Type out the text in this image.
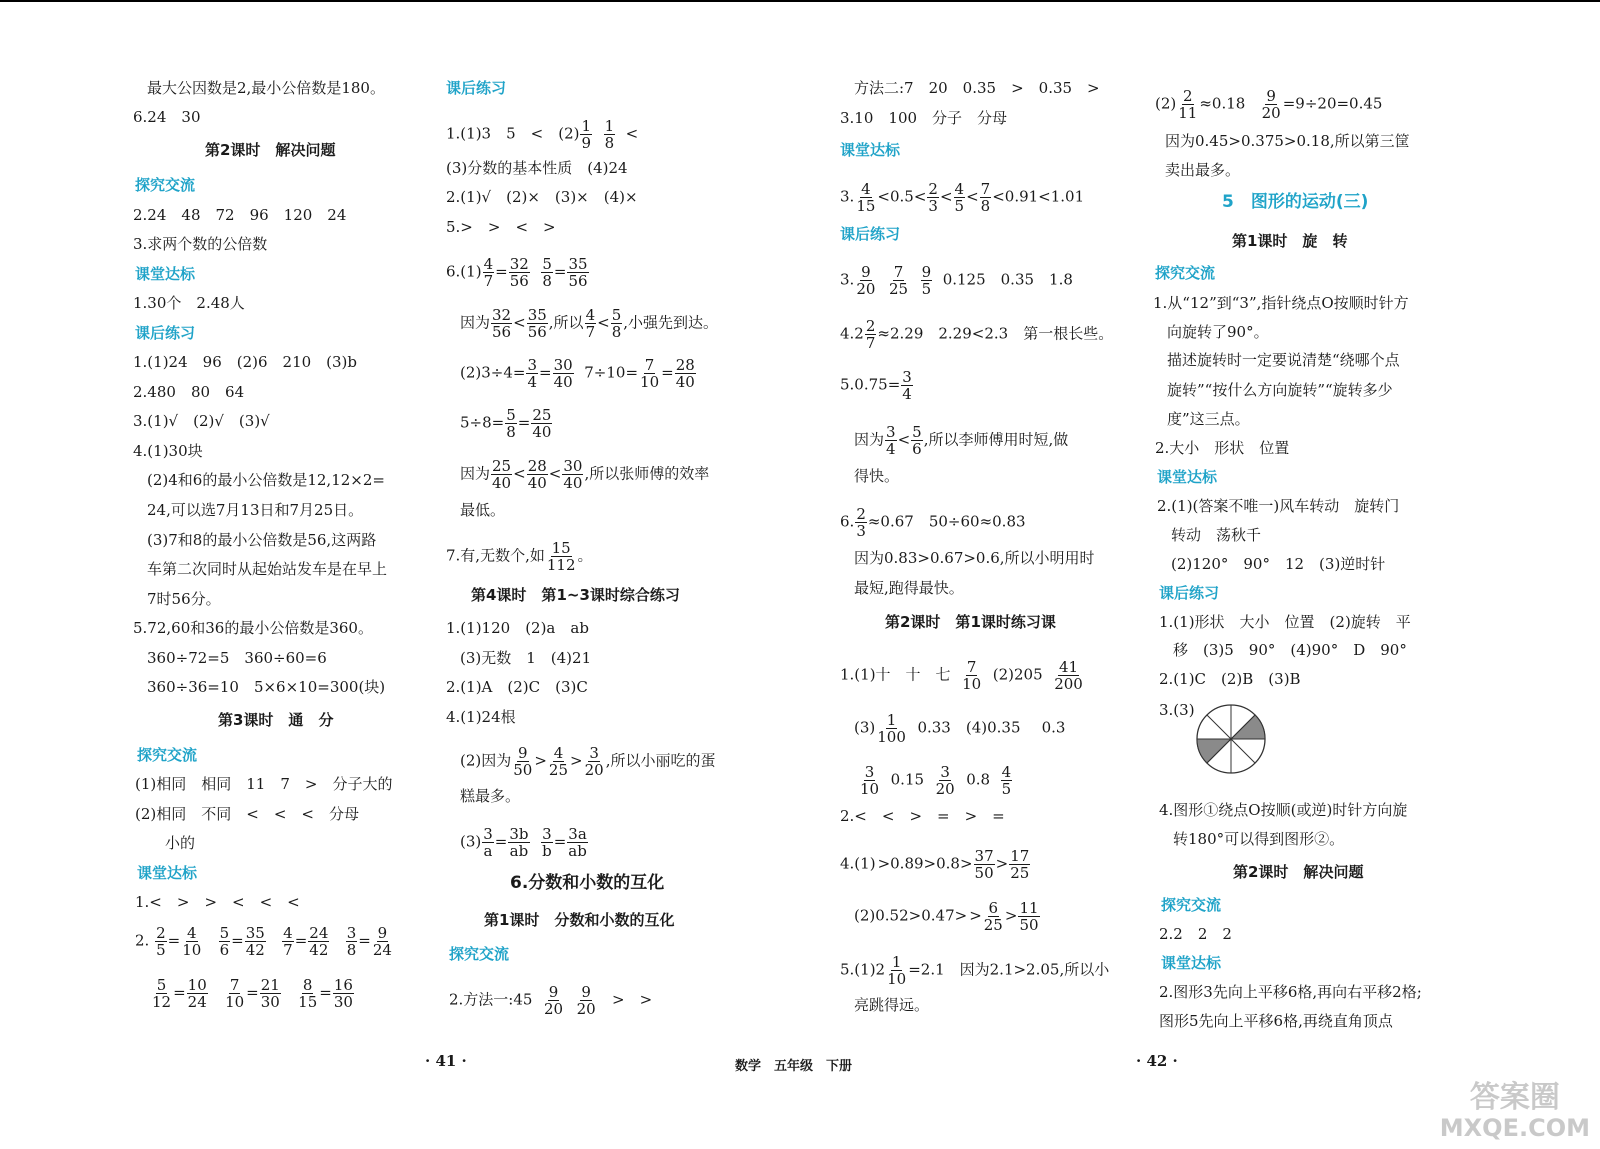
最大公因数是2,最小公倍数是180。
6.24　30
第2课时　解决问题
探究交流
2.24　48　72　96　120　24
3.求两个数的公倍数
课堂达标
1.30个　2.48人
课后练习
1.(1)24　96　(2)6　210　(3)b
2.480　80　64
3.(1)√　(2)√　(3)√
4.(1)30块
(2)4和6的最小公倍数是12,12×2=
24,可以选7月13日和7月25日。
(3)7和8的最小公倍数是56,这两路
车第二次同时从起始站发车是在早上
7时56分。
5.72,60和36的最小公倍数是360。
360÷72=5　360÷60=6
360÷36=10　5×6×10=300(块)
第3课时　通　分
探究交流
(1)相同　相同　11　7　>　分子大的
(2)相同　不同　<　<　<　分母
小的
课堂达标
1.<　>　>　<　<　<
2. $\frac{2}{5} = \frac{4}{10}$
$\frac{5}{6} = \frac{35}{42}$
$\frac{4}{7} = \frac{24}{42}$
$\frac{3}{8} = \frac{9}{24}$
$\frac{5}{12} = \frac{10}{24}$
$\frac{7}{10} = \frac{21}{30}$
$\frac{8}{15} = \frac{16}{30}$
课后练习
1.(1)3　5　<　$(2) \frac{1}{9}$
$\frac{1}{8}$ <
(3)分数的基本性质　(4)24
2.(1)√　(2)×　(3)×　(4)×
5.>　>　<　>
$6.(1) \frac{4}{7} = \frac{32}{56}$
$\frac{5}{8} = \frac{35}{56}$
因为 $\frac{32}{56} < \frac{35}{56}$ ,所以 $\frac{4}{7} < \frac{5}{8}$ ,小强先到达。
$(2)3\div 4= \frac{3}{4} = \frac{30}{40} 7\div 10= \frac{7}{10} = \frac{28}{40}$
$5\div 8= \frac{5}{8} = \frac{25}{40}$
因为 $\frac{25}{40} < \frac{28}{40} < \frac{30}{40}$ ,所以张师傅的效率
最低。
7.有,无数个,如 $\frac{15}{112}$ 。
第4课时　第1~3课时综合练习
1.(1)120　(2)a　ab
(3)无数　1　(4)21
2.(1)A　(2)C　(3)C
4.(1)24根
(2)因为 $\frac{9}{50} > \frac{4}{25} > \frac{3}{20}$ ,所以小丽吃的蛋
糕最多。
$(3) \frac{3}{a} = \frac{3b}{ab}$
$\frac{3}{b} = \frac{3a}{ab}$
6.分数和小数的互化
第1课时　分数和小数的互化
探究交流
2.方法一:45 $\frac{9}{20}$
$\frac{9}{20}$ >　>
方法二:7　20　0.35　>　0.35　>
3.10　100　分子　分母
课堂达标
3. $\frac{4}{15} <0.5< \frac{2}{3} < \frac{4}{5} < \frac{7}{8} <0.91<1.01$
课后练习
3. $\frac{9}{20}$
$\frac{7}{25}$
$\frac{9}{5} 0.125$　0.35　1.8
$4.2 \frac{2}{7} \approx 2.29$　2.29<2.3　第一根长些。
$5.0.75= \frac{3}{4}$
因为 $\frac{3}{4} < \frac{5}{6}$ ,所以李师傅用时短,做
得快。
6. $\frac{2}{3} \approx 0.67$　50÷60≈0.83
因为0.83>0.67>0.6,所以小明用时
最短,跑得最快。
第2课时　第1课时练习课
1.(1)十　十　七 $\frac{7}{10} (2)205 \frac{41}{200}$
$(3) \frac{1}{100} 0.33$　(4)0.35 0.3
$\frac{3}{10} 0.15 \frac{3}{20} 0.8 \frac{4}{5}$
2.<　<　>　=　>　=
$4.(1) >0.89>0.8> \frac{37}{50} > \frac{17}{25}$
$(2)0.52>0.47> > \frac{6}{25} > \frac{11}{50}$
$5.(1)2 \frac{1}{10} =2.1$　因为2.1>2.05,所以小
亮跳得远。
$(2) \frac{2}{11} \approx 0.18 \frac{9}{20} =9\div 20=0.45$
因为0.45>0.375>0.18,所以第三筐
卖出最多。
5　图形的运动(三)
第1课时　旋　转
探究交流
1.从“12”到“3”,指针绕点O按顺时针方
向旋转了90°。
描述旋转时一定要说清楚“绕哪个点
旋转”“按什么方向旋转”“旋转多少
度”这三点。
2.大小　形状　位置
课堂达标
2.(1)(答案不唯一)风车转动　旋转门
转动　荡秋千
(2)120°　90°　12　(3)逆时针
课后练习
1.(1)形状　大小　位置　(2)旋转　平
移　(3)5　90°　(4)90°　D　90°
2.(1)C　(2)B　(3)B
3.(3)
4.图形①绕点O按顺(或逆)时针方向旋
转180°可以得到图形②。
第2课时　解决问题
探究交流
2.2　2　2
课堂达标
2.图形3先向上平移6格,再向右平移2格;
图形5先向上平移6格,再绕直角顶点
· 41 ·	数学　五年级　下册	· 42 ·
答案圈
MXQE.COM
